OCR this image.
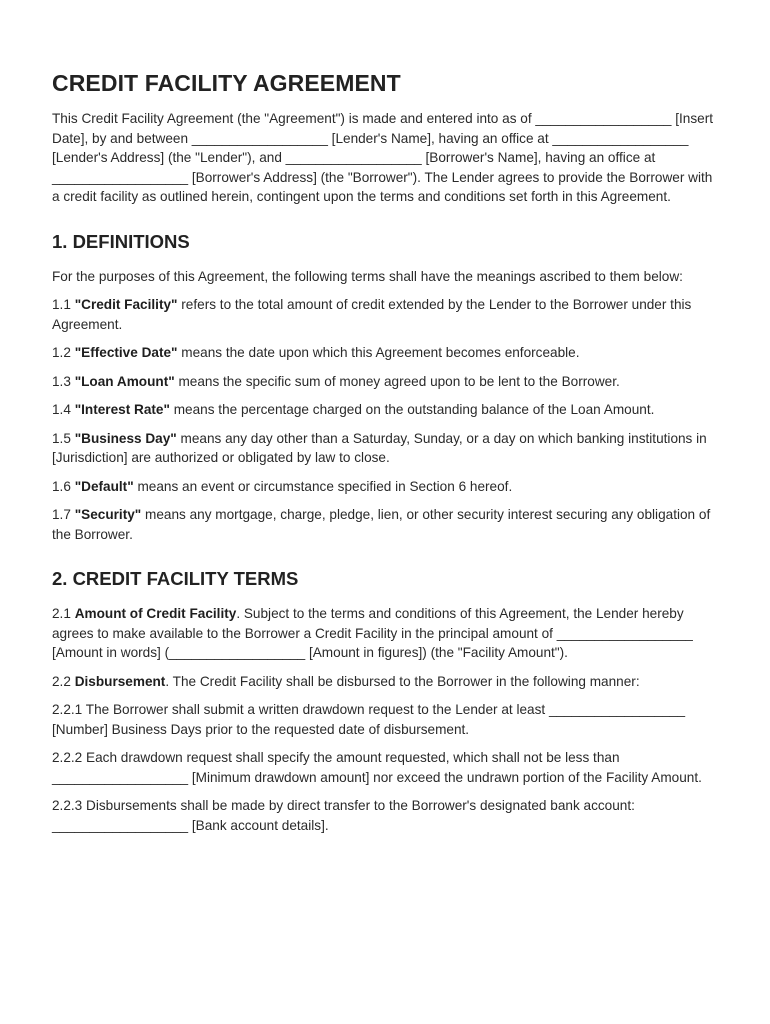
CREDIT FACILITY AGREEMENT

This Credit Facility Agreement (the "Agreement") is made and entered into as of __________________ [Insert Date], by and between __________________ [Lender's Name], having an office at __________________ [Lender's Address] (the "Lender"), and __________________ [Borrower's Name], having an office at __________________ [Borrower's Address] (the "Borrower"). The Lender agrees to provide the Borrower with a credit facility as outlined herein, contingent upon the terms and conditions set forth in this Agreement.

1. DEFINITIONS

For the purposes of this Agreement, the following terms shall have the meanings ascribed to them below:

1.1 "Credit Facility" refers to the total amount of credit extended by the Lender to the Borrower under this Agreement.

1.2 "Effective Date" means the date upon which this Agreement becomes enforceable.

1.3 "Loan Amount" means the specific sum of money agreed upon to be lent to the Borrower.

1.4 "Interest Rate" means the percentage charged on the outstanding balance of the Loan Amount.

1.5 "Business Day" means any day other than a Saturday, Sunday, or a day on which banking institutions in [Jurisdiction] are authorized or obligated by law to close.

1.6 "Default" means an event or circumstance specified in Section 6 hereof.

1.7 "Security" means any mortgage, charge, pledge, lien, or other security interest securing any obligation of the Borrower.

2. CREDIT FACILITY TERMS

2.1 Amount of Credit Facility. Subject to the terms and conditions of this Agreement, the Lender hereby agrees to make available to the Borrower a Credit Facility in the principal amount of __________________ [Amount in words] (__________________ [Amount in figures]) (the "Facility Amount").

2.2 Disbursement. The Credit Facility shall be disbursed to the Borrower in the following manner:

2.2.1 The Borrower shall submit a written drawdown request to the Lender at least __________________ [Number] Business Days prior to the requested date of disbursement.

2.2.2 Each drawdown request shall specify the amount requested, which shall not be less than __________________ [Minimum drawdown amount] nor exceed the undrawn portion of the Facility Amount.

2.2.3 Disbursements shall be made by direct transfer to the Borrower's designated bank account: __________________ [Bank account details].
